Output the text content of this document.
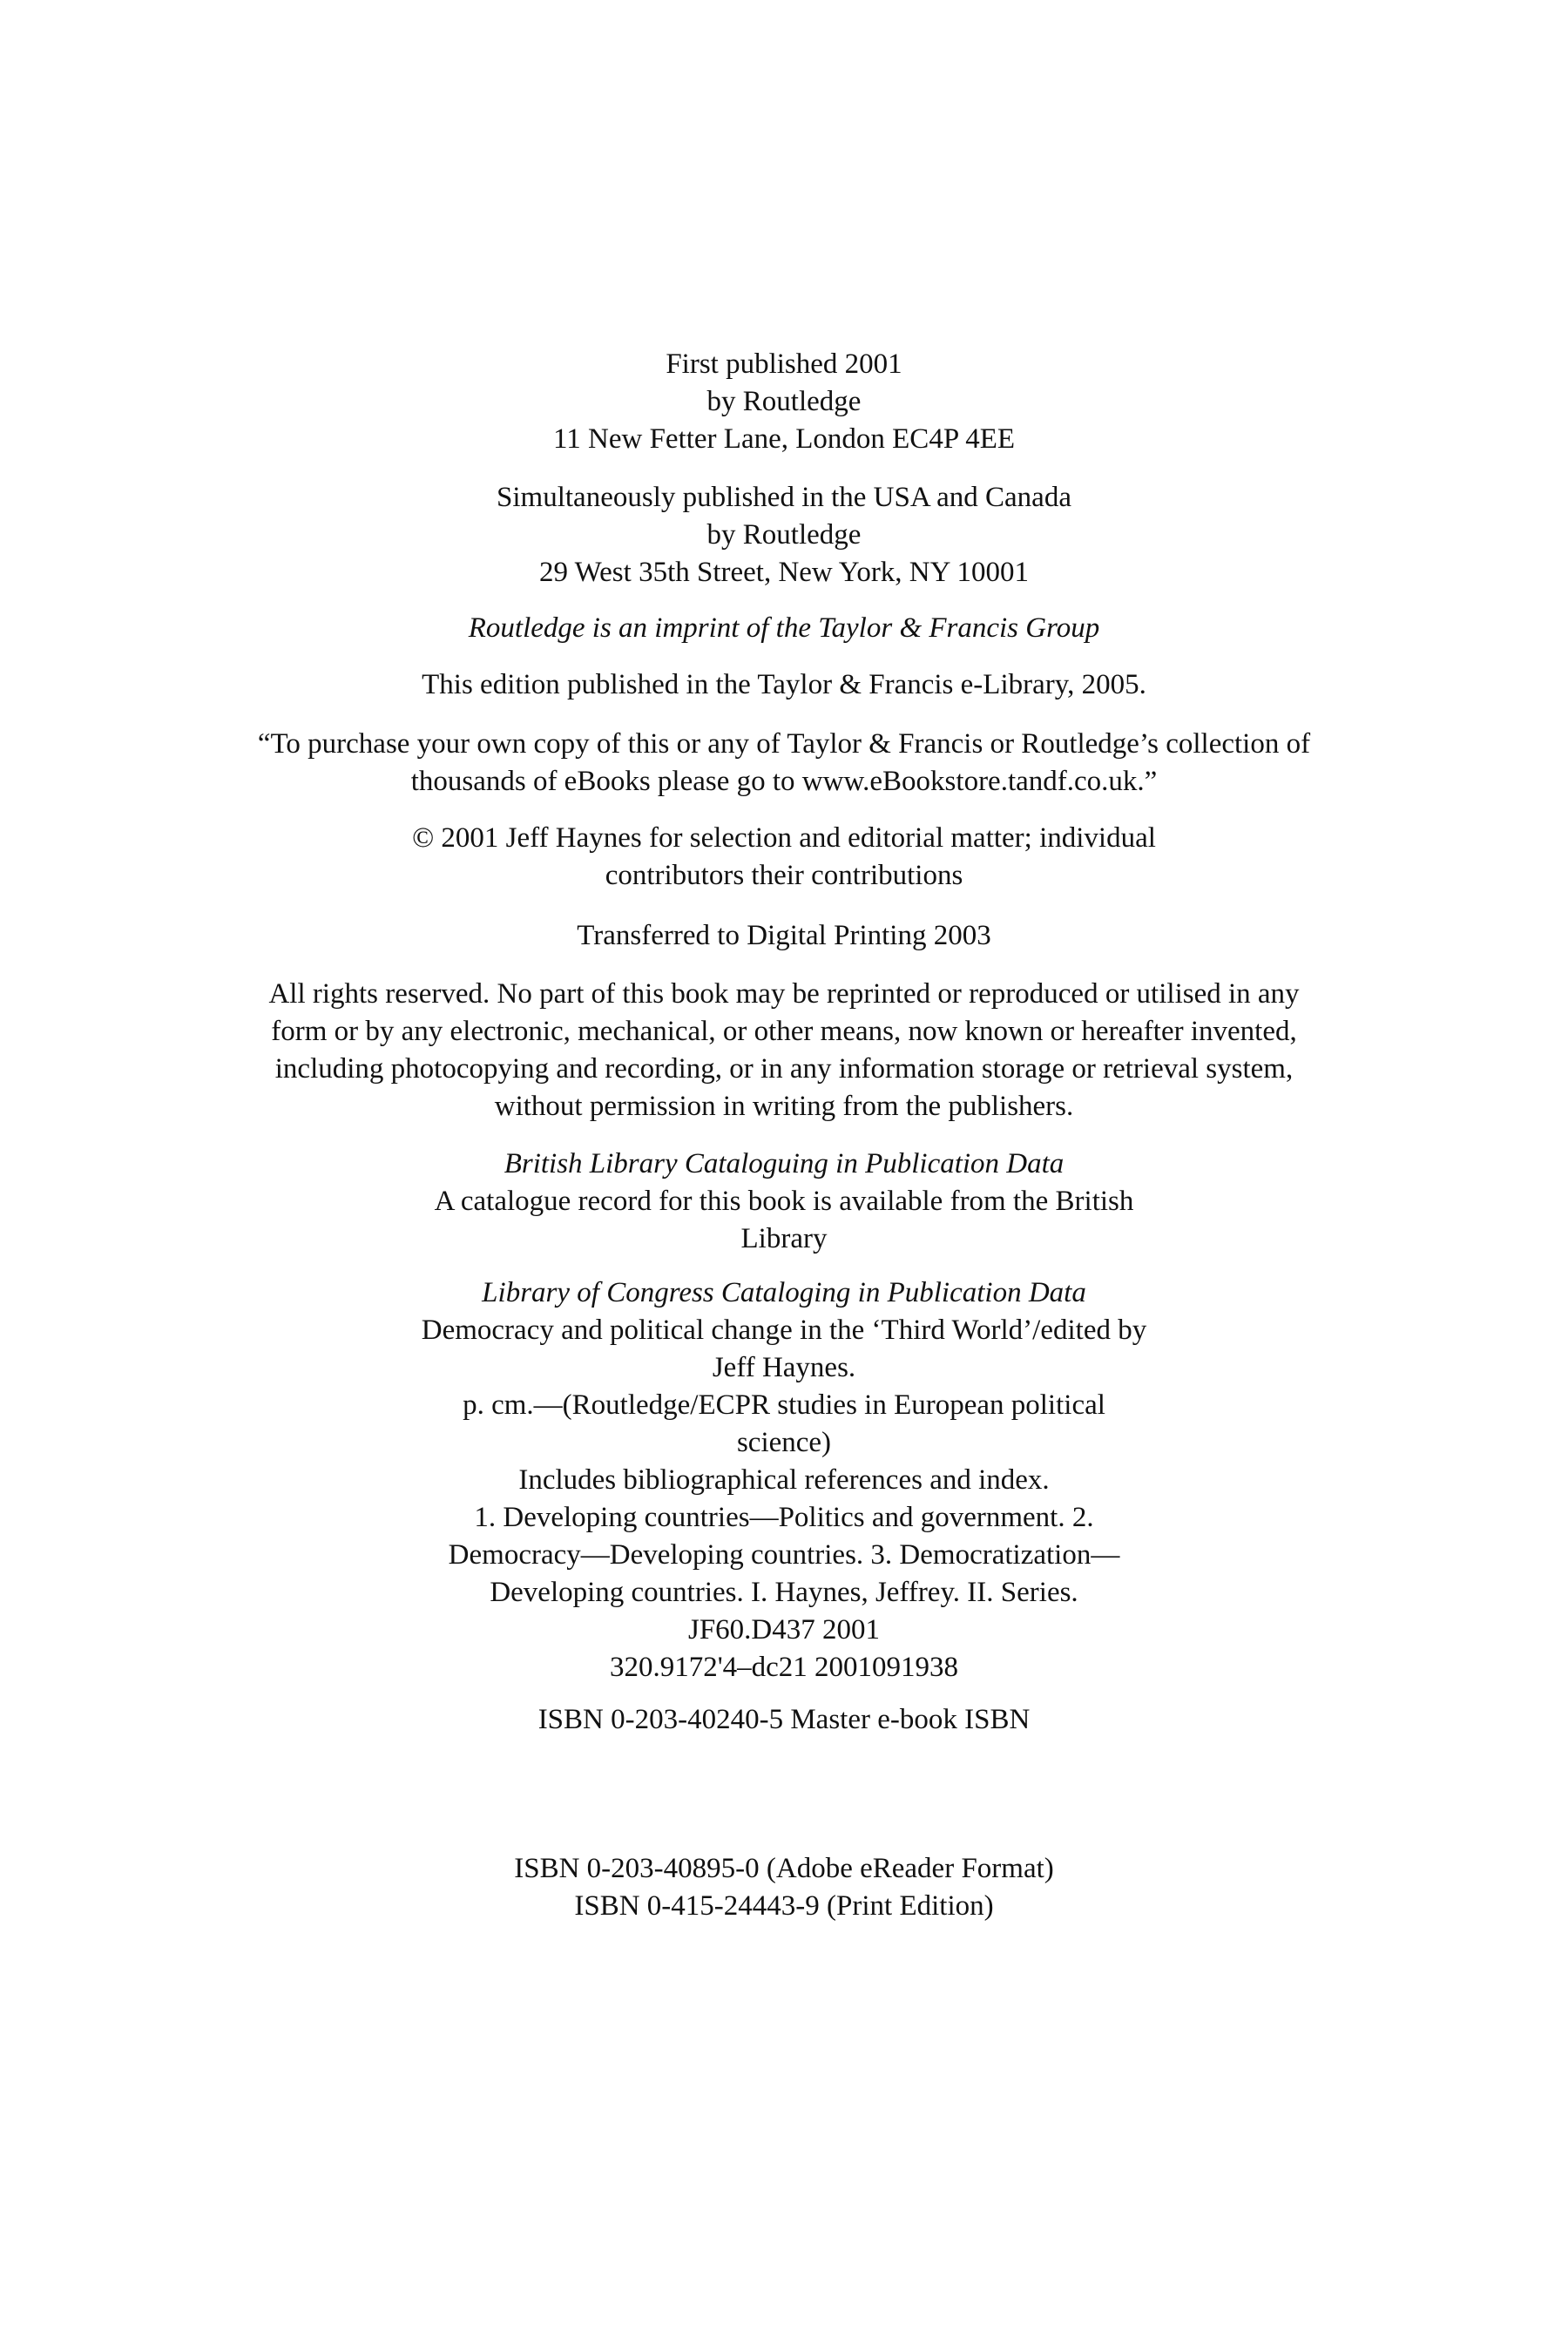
First published 2001
by Routledge
11 New Fetter Lane, London EC4P 4EE
Simultaneously published in the USA and Canada
by Routledge
29 West 35th Street, New York, NY 10001
Routledge is an imprint of the Taylor & Francis Group
This edition published in the Taylor & Francis e-Library, 2005.
“To purchase your own copy of this or any of Taylor & Francis or Routledge’s collection of
thousands of eBooks please go to www.eBookstore.tandf.co.uk.”
© 2001 Jeff Haynes for selection and editorial matter; individual
contributors their contributions
Transferred to Digital Printing 2003
All rights reserved. No part of this book may be reprinted or reproduced or utilised in any
form or by any electronic, mechanical, or other means, now known or hereafter invented,
including photocopying and recording, or in any information storage or retrieval system,
without permission in writing from the publishers.
British Library Cataloguing in Publication Data
A catalogue record for this book is available from the British
Library
Library of Congress Cataloging in Publication Data
Democracy and political change in the ‘Third World’/edited by
Jeff Haynes.
p. cm.—(Routledge/ECPR studies in European political
science)
Includes bibliographical references and index.
1. Developing countries—Politics and government. 2.
Democracy—Developing countries. 3. Democratization—
Developing countries. I. Haynes, Jeffrey. II. Series.
JF60.D437 2001
320.9172'4–dc21 2001091938
ISBN 0-203-40240-5 Master e-book ISBN
ISBN 0-203-40895-0 (Adobe eReader Format)
ISBN 0-415-24443-9 (Print Edition)
